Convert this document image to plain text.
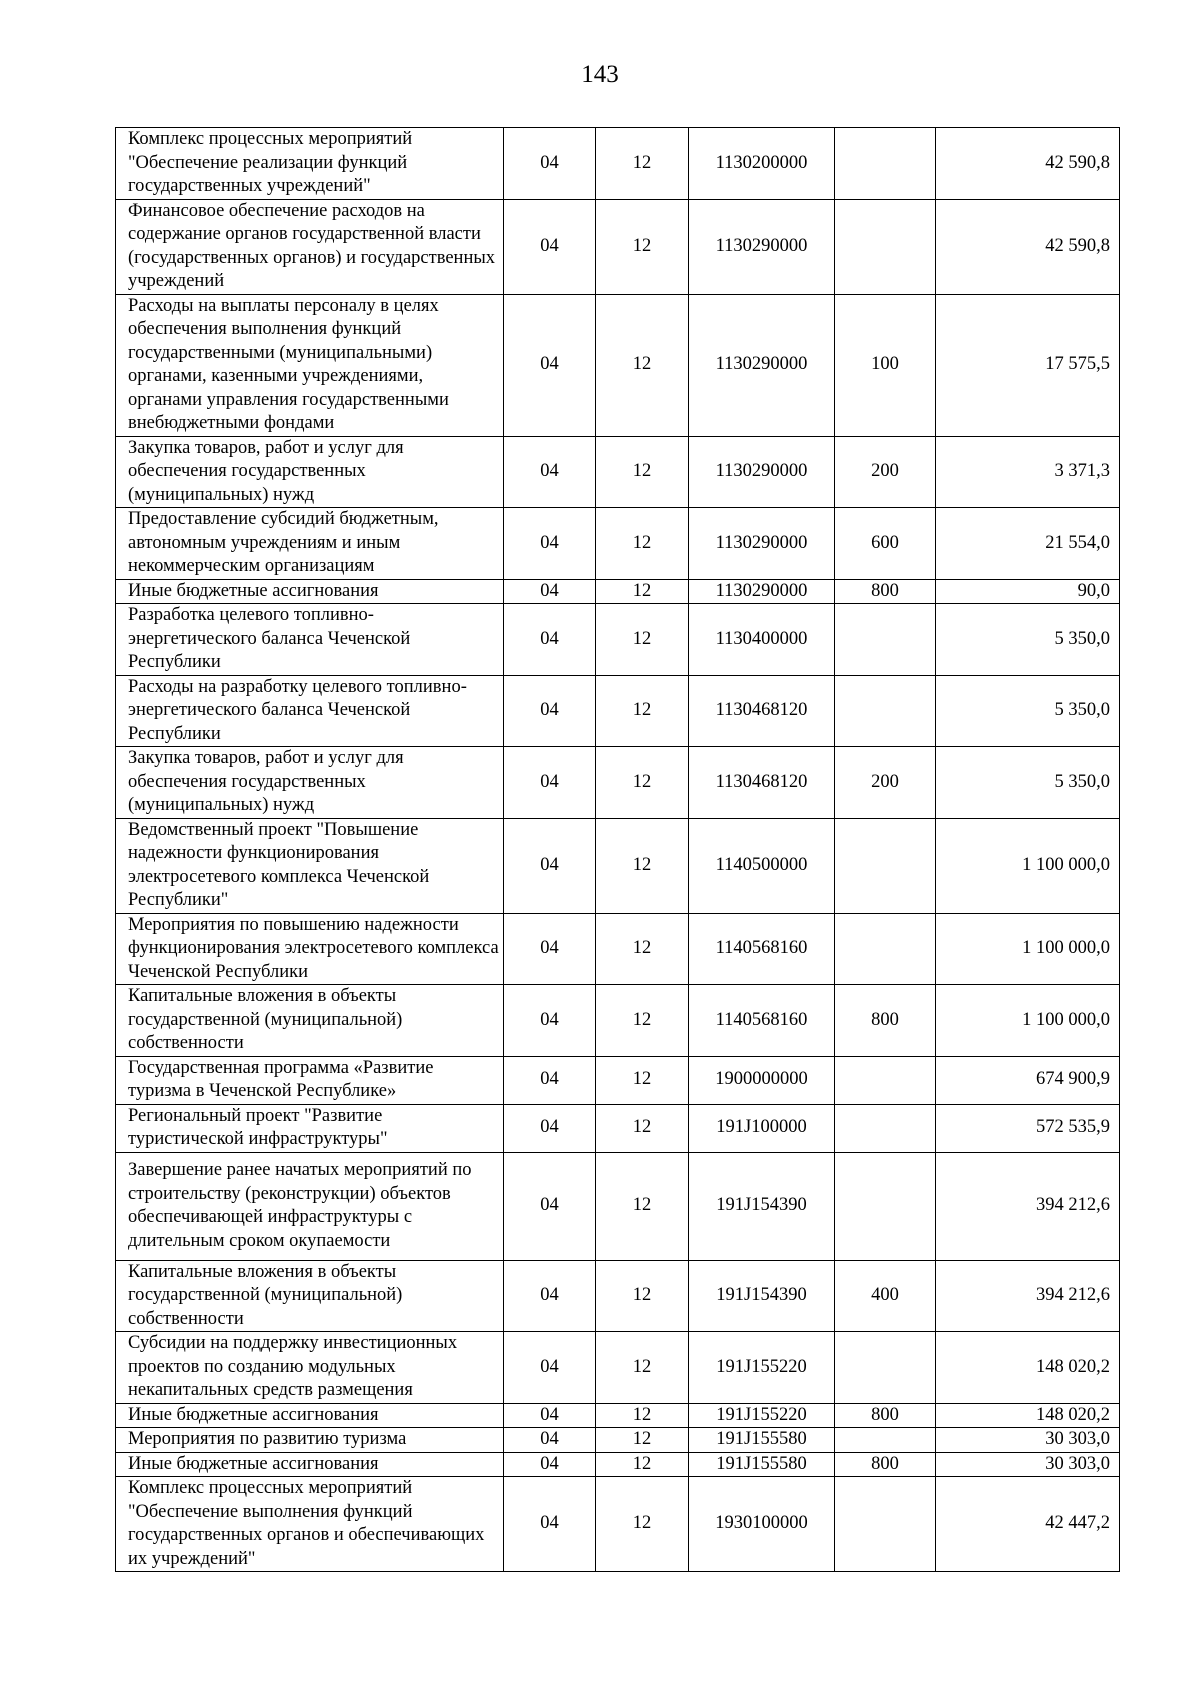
143
Комплекс процессных мероприятий "Обеспечение реализации функций государственных учреждений"	04	12	1130200000		42 590,8
Финансовое обеспечение расходов на содержание органов государственной власти (государственных органов) и государственных учреждений	04	12	1130290000		42 590,8
Расходы на выплаты персоналу в целях обеспечения выполнения функций государственными (муниципальными) органами, казенными учреждениями, органами управления государственными внебюджетными фондами	04	12	1130290000	100	17 575,5
Закупка товаров, работ и услуг для обеспечения государственных (муниципальных) нужд	04	12	1130290000	200	3 371,3
Предоставление субсидий бюджетным, автономным учреждениям и иным некоммерческим организациям	04	12	1130290000	600	21 554,0
Иные бюджетные ассигнования	04	12	1130290000	800	90,0
Разработка целевого топливно-энергетического баланса Чеченской Республики	04	12	1130400000		5 350,0
Расходы на разработку целевого топливно-энергетического баланса Чеченской Республики	04	12	1130468120		5 350,0
Закупка товаров, работ и услуг для обеспечения государственных (муниципальных) нужд	04	12	1130468120	200	5 350,0
Ведомственный проект "Повышение надежности функционирования электросетевого комплекса Чеченской Республики"	04	12	1140500000		1 100 000,0
Мероприятия по повышению надежности функционирования электросетевого комплекса Чеченской Республики	04	12	1140568160		1 100 000,0
Капитальные вложения в объекты государственной (муниципальной) собственности	04	12	1140568160	800	1 100 000,0
Государственная программа «Развитие туризма в Чеченской Республике»	04	12	1900000000		674 900,9
Региональный проект "Развитие туристической инфраструктуры"	04	12	191J100000		572 535,9
Завершение ранее начатых мероприятий по строительству (реконструкции) объектов обеспечивающей инфраструктуры с длительным сроком окупаемости	04	12	191J154390		394 212,6
Капитальные вложения в объекты государственной (муниципальной) собственности	04	12	191J154390	400	394 212,6
Субсидии на поддержку инвестиционных проектов по созданию модульных некапитальных средств размещения	04	12	191J155220		148 020,2
Иные бюджетные ассигнования	04	12	191J155220	800	148 020,2
Мероприятия по развитию туризма	04	12	191J155580		30 303,0
Иные бюджетные ассигнования	04	12	191J155580	800	30 303,0
Комплекс процессных мероприятий "Обеспечение выполнения функций государственных органов и обеспечивающих их учреждений"	04	12	1930100000		42 447,2
